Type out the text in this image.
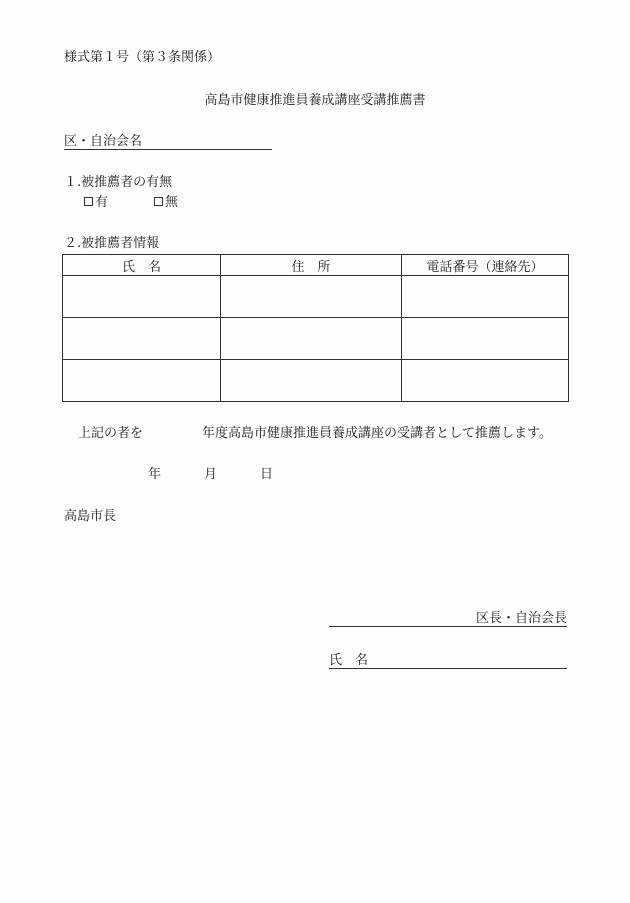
様式第１号（第３条関係）
高島市健康推進員養成講座受講推薦書
区・自治会名
１.被推薦者の有無
有	無
２.被推薦者情報
氏　名	住　所	電話番号（連絡先）

上記の者を	年度高島市健康推進員養成講座の受講者として推薦します。
年	月	日
高島市長
区長・自治会長
氏　名
